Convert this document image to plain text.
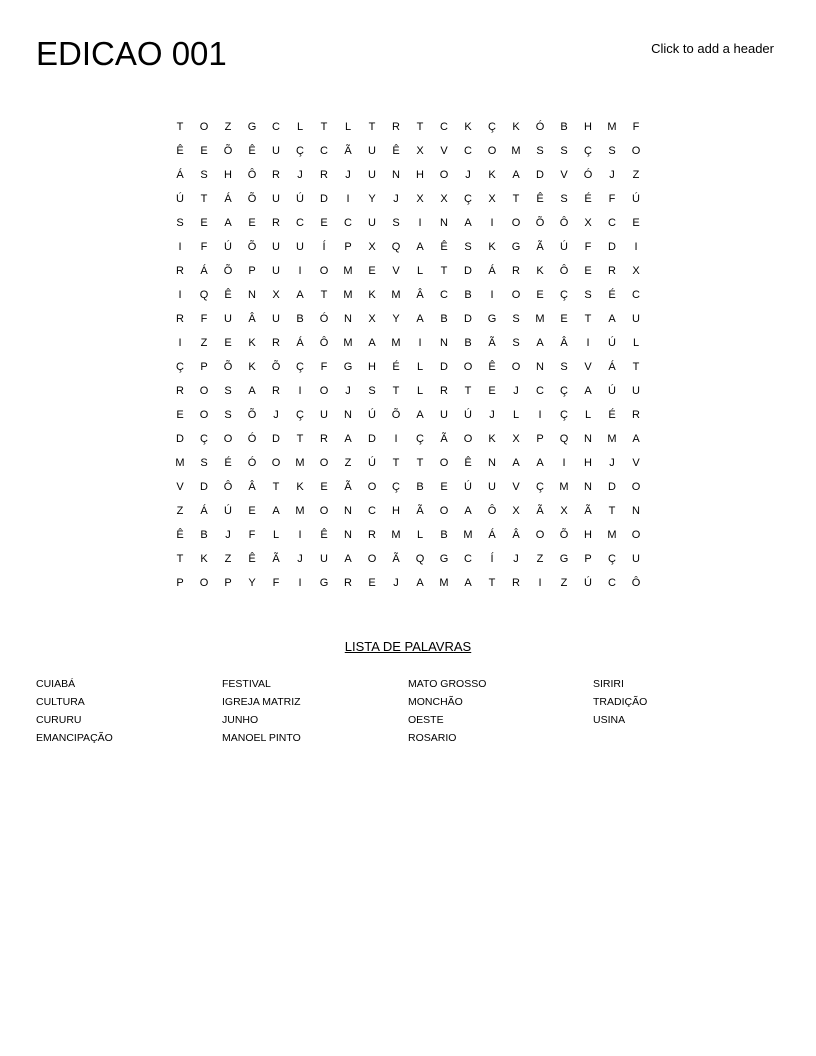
EDICAO 001	Click to add a header
T	O	Z	G	C	L	T	L	T	R	T	C	K	Ç	K	Ó	B	H	M	F
Ê	E	Õ	Ê	U	Ç	C	Ã	U	Ê	X	V	C	O	M	S	S	Ç	S	O
Á	S	H	Ô	R	J	R	J	U	N	H	O	J	K	A	D	V	Ó	J	Z
Ú	T	Á	Õ	U	Ú	D	I	Y	J	X	X	Ç	X	T	Ê	S	É	F	Ú
S	E	A	E	R	C	E	C	U	S	I	N	A	I	O	Õ	Ô	X	C	E
I	F	Ú	Õ	U	U	Í	P	X	Q	A	Ê	S	K	G	Ã	Ú	F	D	I
R	Á	Õ	P	U	I	O	M	E	V	L	T	D	Á	R	K	Ô	E	R	X
I	Q	Ê	N	X	A	T	M	K	M	Â	C	B	I	O	E	Ç	S	É	C
R	F	U	Â	U	B	Ó	N	X	Y	A	B	D	G	S	M	E	T	A	U
I	Z	E	K	R	Á	Ô	M	A	M	I	N	B	Ã	S	A	Â	I	Ú	L
Ç	P	Õ	K	Õ	Ç	F	G	H	É	L	D	O	Ê	O	N	S	V	Á	T
R	O	S	A	R	I	O	J	S	T	L	R	T	E	J	C	Ç	A	Ú	U
E	O	S	Õ	J	Ç	U	N	Ú	Õ	A	U	Ú	J	L	I	Ç	L	É	R
D	Ç	O	Ó	D	T	R	A	D	I	Ç	Ã	O	K	X	P	Q	N	M	A
M	S	É	Ó	O	M	O	Z	Ú	T	T	O	Ê	N	A	A	I	H	J	V
V	D	Ô	Â	T	K	E	Ã	O	Ç	B	E	Ú	U	V	Ç	M	N	D	O
Z	Á	Ú	E	A	M	O	N	C	H	Ã	O	A	Ô	X	Ã	X	Ã	T	N
Ê	B	J	F	L	I	Ê	N	R	M	L	B	M	Á	Â	O	Õ	H	M	O
T	K	Z	Ê	Ã	J	U	A	O	Ã	Q	G	C	Í	J	Z	G	P	Ç	U
P	O	P	Y	F	I	G	R	E	J	A	M	A	T	R	I	Z	Ú	C	Ô
LISTA DE PALAVRAS
CUIABÁ
CULTURA
CURURU
EMANCIPAÇÃO
FESTIVAL
IGREJA MATRIZ
JUNHO
MANOEL PINTO
MATO GROSSO
MONCHÃO
OESTE
ROSARIO
SIRIRI
TRADIÇÃO
USINA
